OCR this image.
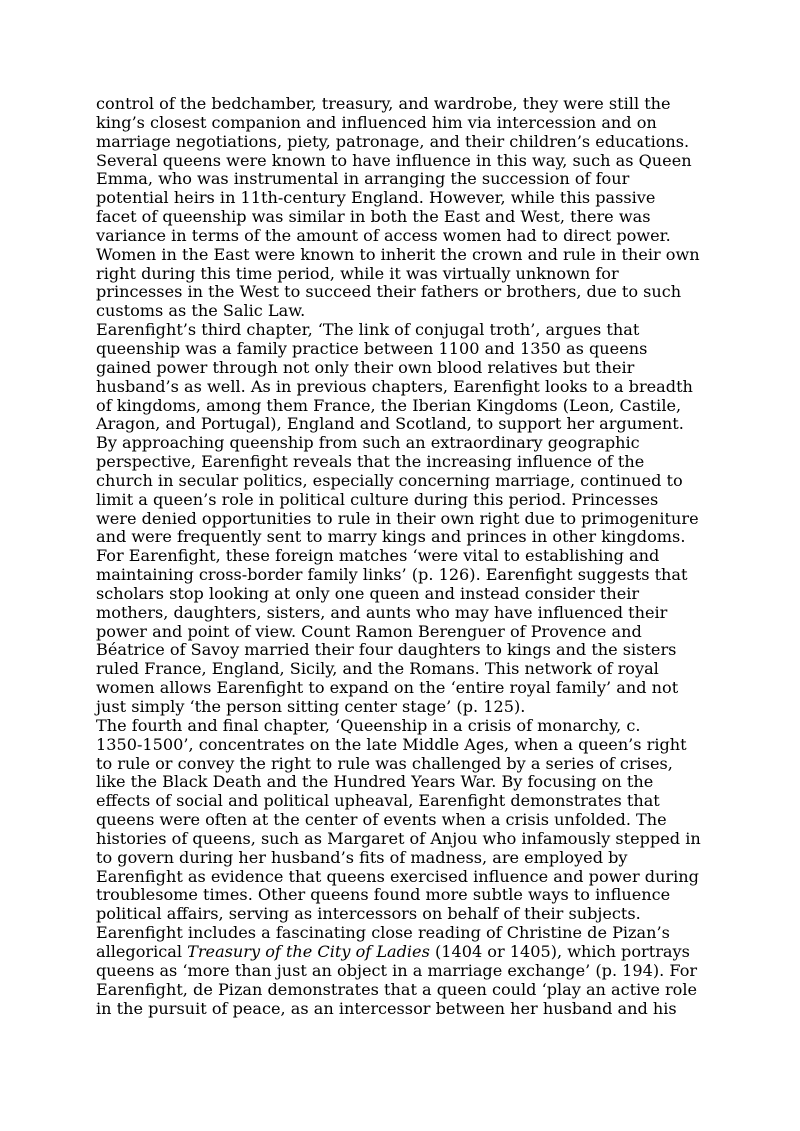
control of the bedchamber, treasury, and wardrobe, they were still the
king’s closest companion and influenced him via intercession and on
marriage negotiations, piety, patronage, and their children’s educations.
Several queens were known to have influence in this way, such as Queen
Emma, who was instrumental in arranging the succession of four
potential heirs in 11th-century England. However, while this passive
facet of queenship was similar in both the East and West, there was
variance in terms of the amount of access women had to direct power.
Women in the East were known to inherit the crown and rule in their own
right during this time period, while it was virtually unknown for
princesses in the West to succeed their fathers or brothers, due to such
customs as the Salic Law.

Earenfight’s third chapter, ‘The link of conjugal troth’, argues that
queenship was a family practice between 1100 and 1350 as queens
gained power through not only their own blood relatives but their
husband’s as well. As in previous chapters, Earenfight looks to a breadth
of kingdoms, among them France, the Iberian Kingdoms (Leon, Castile,
Aragon, and Portugal), England and Scotland, to support her argument.
By approaching queenship from such an extraordinary geographic
perspective, Earenfight reveals that the increasing influence of the
church in secular politics, especially concerning marriage, continued to
limit a queen’s role in political culture during this period. Princesses
were denied opportunities to rule in their own right due to primogeniture
and were frequently sent to marry kings and princes in other kingdoms.
For Earenfight, these foreign matches ‘were vital to establishing and
maintaining cross-border family links’ (p. 126). Earenfight suggests that
scholars stop looking at only one queen and instead consider their
mothers, daughters, sisters, and aunts who may have influenced their
power and point of view. Count Ramon Berenguer of Provence and
Béatrice of Savoy married their four daughters to kings and the sisters
ruled France, England, Sicily, and the Romans. This network of royal
women allows Earenfight to expand on the ‘entire royal family’ and not
just simply ‘the person sitting center stage’ (p. 125).

The fourth and final chapter, ‘Queenship in a crisis of monarchy, c.
1350-1500’, concentrates on the late Middle Ages, when a queen’s right
to rule or convey the right to rule was challenged by a series of crises,
like the Black Death and the Hundred Years War. By focusing on the
effects of social and political upheaval, Earenfight demonstrates that
queens were often at the center of events when a crisis unfolded. The
histories of queens, such as Margaret of Anjou who infamously stepped in
to govern during her husband’s fits of madness, are employed by
Earenfight as evidence that queens exercised influence and power during
troublesome times. Other queens found more subtle ways to influence
political affairs, serving as intercessors on behalf of their subjects.
Earenfight includes a fascinating close reading of Christine de Pizan’s
allegorical Treasury of the City of Ladies (1404 or 1405), which portrays
queens as ‘more than just an object in a marriage exchange’ (p. 194). For
Earenfight, de Pizan demonstrates that a queen could ‘play an active role
in the pursuit of peace, as an intercessor between her husband and his
